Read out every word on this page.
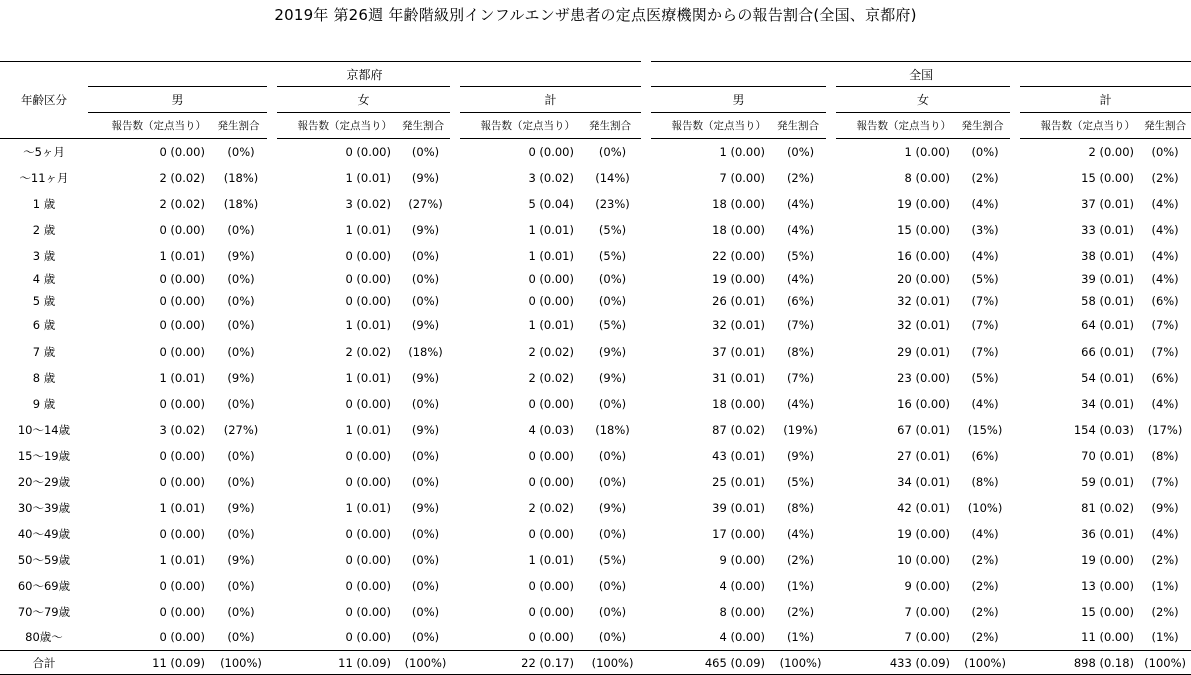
2019年 第26週 年齢階級別インフルエンザ患者の定点医療機関からの報告割合(全国、京都府)
年齢区分	京都府						全国					
	男		女		計		男		女		計	
	報告数（定点当り）	発生割合	報告数（定点当り）	発生割合	報告数（定点当り）	発生割合	報告数（定点当り）	発生割合	報告数（定点当り）	発生割合	報告数（定点当り）	発生割合
～5ヶ月	0 (0.00)	(0%)	0 (0.00)	(0%)	0 (0.00)	(0%)	1 (0.00)	(0%)	1 (0.00)	(0%)	2 (0.00)	(0%)
～11ヶ月	2 (0.02)	(18%)	1 (0.01)	(9%)	3 (0.02)	(14%)	7 (0.00)	(2%)	8 (0.00)	(2%)	15 (0.00)	(2%)
1 歳	2 (0.02)	(18%)	3 (0.02)	(27%)	5 (0.04)	(23%)	18 (0.00)	(4%)	19 (0.00)	(4%)	37 (0.01)	(4%)
2 歳	0 (0.00)	(0%)	1 (0.01)	(9%)	1 (0.01)	(5%)	18 (0.00)	(4%)	15 (0.00)	(3%)	33 (0.01)	(4%)
3 歳	1 (0.01)	(9%)	0 (0.00)	(0%)	1 (0.01)	(5%)	22 (0.00)	(5%)	16 (0.00)	(4%)	38 (0.01)	(4%)
4 歳	0 (0.00)	(0%)	0 (0.00)	(0%)	0 (0.00)	(0%)	19 (0.00)	(4%)	20 (0.00)	(5%)	39 (0.01)	(4%)
5 歳	0 (0.00)	(0%)	0 (0.00)	(0%)	0 (0.00)	(0%)	26 (0.01)	(6%)	32 (0.01)	(7%)	58 (0.01)	(6%)
6 歳	0 (0.00)	(0%)	1 (0.01)	(9%)	1 (0.01)	(5%)	32 (0.01)	(7%)	32 (0.01)	(7%)	64 (0.01)	(7%)
7 歳	0 (0.00)	(0%)	2 (0.02)	(18%)	2 (0.02)	(9%)	37 (0.01)	(8%)	29 (0.01)	(7%)	66 (0.01)	(7%)
8 歳	1 (0.01)	(9%)	1 (0.01)	(9%)	2 (0.02)	(9%)	31 (0.01)	(7%)	23 (0.00)	(5%)	54 (0.01)	(6%)
9 歳	0 (0.00)	(0%)	0 (0.00)	(0%)	0 (0.00)	(0%)	18 (0.00)	(4%)	16 (0.00)	(4%)	34 (0.01)	(4%)
10～14歳	3 (0.02)	(27%)	1 (0.01)	(9%)	4 (0.03)	(18%)	87 (0.02)	(19%)	67 (0.01)	(15%)	154 (0.03)	(17%)
15～19歳	0 (0.00)	(0%)	0 (0.00)	(0%)	0 (0.00)	(0%)	43 (0.01)	(9%)	27 (0.01)	(6%)	70 (0.01)	(8%)
20～29歳	0 (0.00)	(0%)	0 (0.00)	(0%)	0 (0.00)	(0%)	25 (0.01)	(5%)	34 (0.01)	(8%)	59 (0.01)	(7%)
30～39歳	1 (0.01)	(9%)	1 (0.01)	(9%)	2 (0.02)	(9%)	39 (0.01)	(8%)	42 (0.01)	(10%)	81 (0.02)	(9%)
40～49歳	0 (0.00)	(0%)	0 (0.00)	(0%)	0 (0.00)	(0%)	17 (0.00)	(4%)	19 (0.00)	(4%)	36 (0.01)	(4%)
50～59歳	1 (0.01)	(9%)	0 (0.00)	(0%)	1 (0.01)	(5%)	9 (0.00)	(2%)	10 (0.00)	(2%)	19 (0.00)	(2%)
60～69歳	0 (0.00)	(0%)	0 (0.00)	(0%)	0 (0.00)	(0%)	4 (0.00)	(1%)	9 (0.00)	(2%)	13 (0.00)	(1%)
70～79歳	0 (0.00)	(0%)	0 (0.00)	(0%)	0 (0.00)	(0%)	8 (0.00)	(2%)	7 (0.00)	(2%)	15 (0.00)	(2%)
80歳～	0 (0.00)	(0%)	0 (0.00)	(0%)	0 (0.00)	(0%)	4 (0.00)	(1%)	7 (0.00)	(2%)	11 (0.00)	(1%)
合計	11 (0.09)	(100%)	11 (0.09)	(100%)	22 (0.17)	(100%)	465 (0.09)	(100%)	433 (0.09)	(100%)	898 (0.18)	(100%)
